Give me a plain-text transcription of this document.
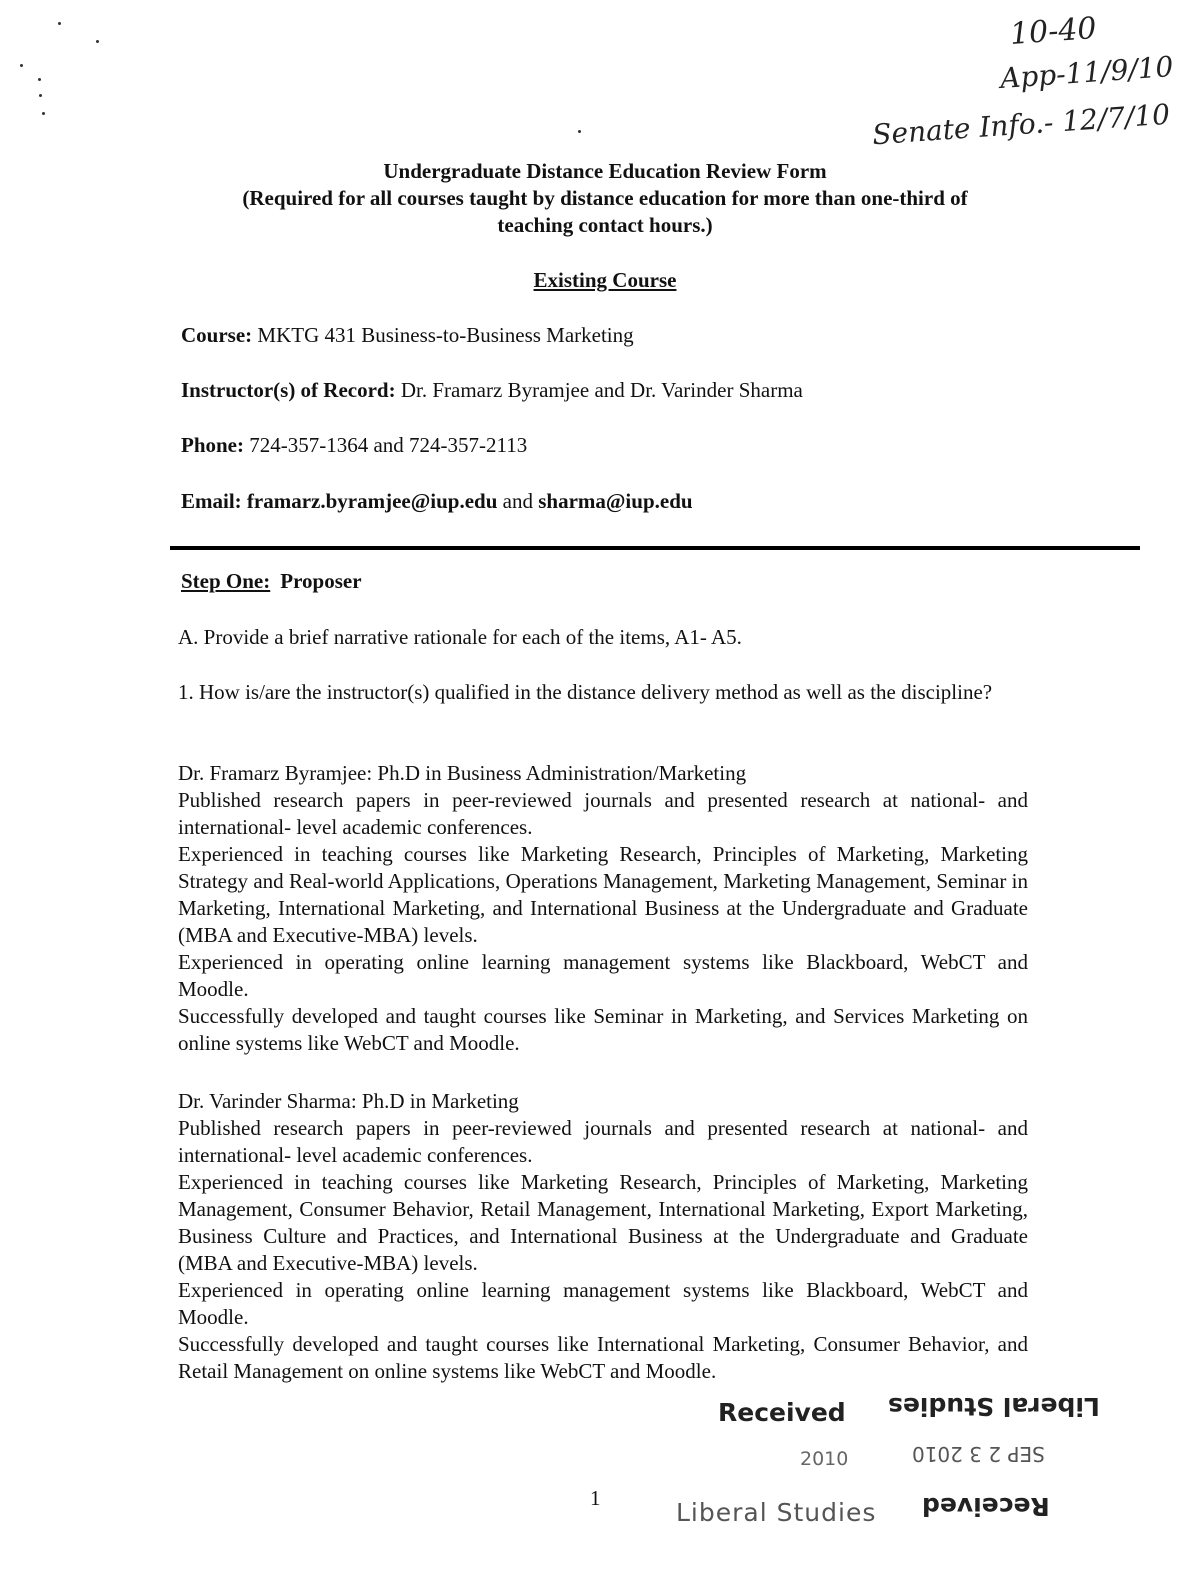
10-40
App-11/9/10
Senate Info.- 12/7/10
Undergraduate Distance Education Review Form
(Required for all courses taught by distance education for more than one-third of
teaching contact hours.)
Existing Course
Course: MKTG 431 Business-to-Business Marketing
Instructor(s) of Record: Dr. Framarz Byramjee and Dr. Varinder Sharma
Phone: 724-357-1364 and 724-357-2113
Email: framarz.byramjee@iup.edu and sharma@iup.edu
Step One: Proposer

A. Provide a brief narrative rationale for each of the items, A1- A5.

1. How is/are the instructor(s) qualified in the distance delivery method as well as the discipline?

Dr. Framarz Byramjee: Ph.D in Business Administration/Marketing

Published research papers in peer-reviewed journals and presented research at national- and international- level academic conferences.

Experienced in teaching courses like Marketing Research, Principles of Marketing, Marketing Strategy and Real-world Applications, Operations Management, Marketing Management, Seminar in Marketing, International Marketing, and International Business at the Undergraduate and Graduate (MBA and Executive-MBA) levels.

Experienced in operating online learning management systems like Blackboard, WebCT and Moodle.

Successfully developed and taught courses like Seminar in Marketing, and Services Marketing on online systems like WebCT and Moodle.

Dr. Varinder Sharma: Ph.D in Marketing

Published research papers in peer-reviewed journals and presented research at national- and international- level academic conferences.

Experienced in teaching courses like Marketing Research, Principles of Marketing, Marketing Management, Consumer Behavior, Retail Management, International Marketing, Export Marketing, Business Culture and Practices, and International Business at the Undergraduate and Graduate (MBA and Executive-MBA) levels.

Experienced in operating online learning management systems like Blackboard, WebCT and Moodle.

Successfully developed and taught courses like International Marketing, Consumer Behavior, and Retail Management on online systems like WebCT and Moodle.

Received Liberal Studies
2010	SEP 2 3 2010
Liberal Studies Received
1
